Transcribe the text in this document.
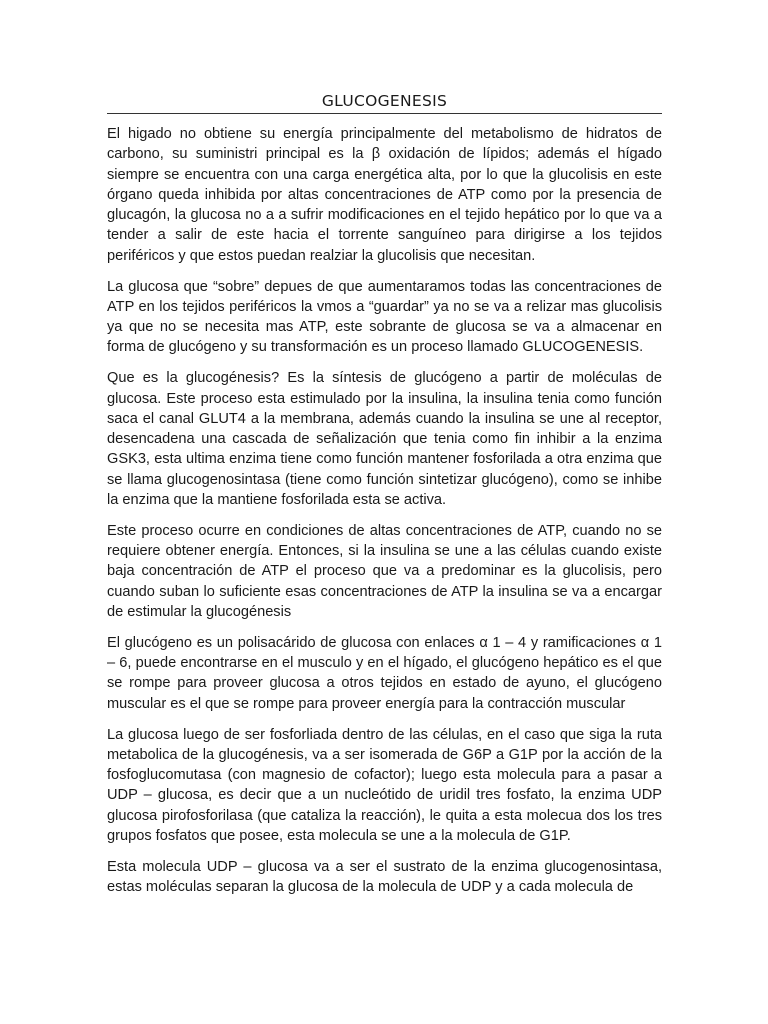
GLUCOGENESIS

El higado no obtiene su energía principalmente del metabolismo de hidratos de carbono, su suministri principal es la β oxidación de lípidos; además el hígado siempre se encuentra con una carga energética alta, por lo que la glucolisis en este órgano queda inhibida por altas concentraciones de ATP como por la presencia de glucagón, la glucosa no a a sufrir modificaciones en el tejido hepático por lo que va a tender a salir de este hacia el torrente sanguíneo para dirigirse a los tejidos periféricos y que estos puedan realziar la glucolisis que necesitan.

La glucosa que “sobre” depues de que aumentaramos todas las concentraciones de ATP en los tejidos periféricos la vmos a “guardar” ya no se va a relizar mas glucolisis ya que no se necesita mas ATP, este sobrante de glucosa se va a almacenar en forma de glucógeno y su transformación es un proceso llamado GLUCOGENESIS.

Que es la glucogénesis? Es la síntesis de glucógeno a partir de moléculas de glucosa. Este proceso esta estimulado por la insulina, la insulina tenia como función saca el canal GLUT4 a la membrana, además cuando la insulina se une al receptor, desencadena una cascada de señalización que tenia como fin inhibir a la enzima GSK3, esta ultima enzima tiene como función mantener fosforilada a otra enzima que se llama glucogenosintasa (tiene como función sintetizar glucógeno), como se inhibe la enzima que la mantiene fosforilada esta se activa.

Este proceso ocurre en condiciones de altas concentraciones de ATP, cuando no se requiere obtener energía. Entonces, si la insulina se une a las células cuando existe baja concentración de ATP el proceso que va a predominar es la glucolisis, pero cuando suban lo suficiente esas concentraciones de ATP la insulina se va a encargar de estimular la glucogénesis

El glucógeno es un polisacárido de glucosa con enlaces α 1 – 4 y ramificaciones α 1 – 6, puede encontrarse en el musculo y en el hígado, el glucógeno hepático es el que se rompe para proveer glucosa a otros tejidos en estado de ayuno, el glucógeno muscular es el que se rompe para proveer energía para la contracción muscular

La glucosa luego de ser fosforliada dentro de las células, en el caso que siga la ruta metabolica de la glucogénesis, va a ser isomerada de G6P a G1P por la acción de la fosfoglucomutasa (con magnesio de cofactor); luego esta molecula para a pasar a UDP – glucosa, es decir que a un nucleótido de uridil tres fosfato, la enzima UDP glucosa pirofosforilasa (que cataliza la reacción), le quita a esta molecua dos los tres grupos fosfatos que posee, esta molecula se une a la molecula de G1P.

Esta molecula UDP – glucosa va a ser el sustrato de la enzima glucogenosintasa, estas moléculas separan la glucosa de la molecula de UDP y a cada molecula de
